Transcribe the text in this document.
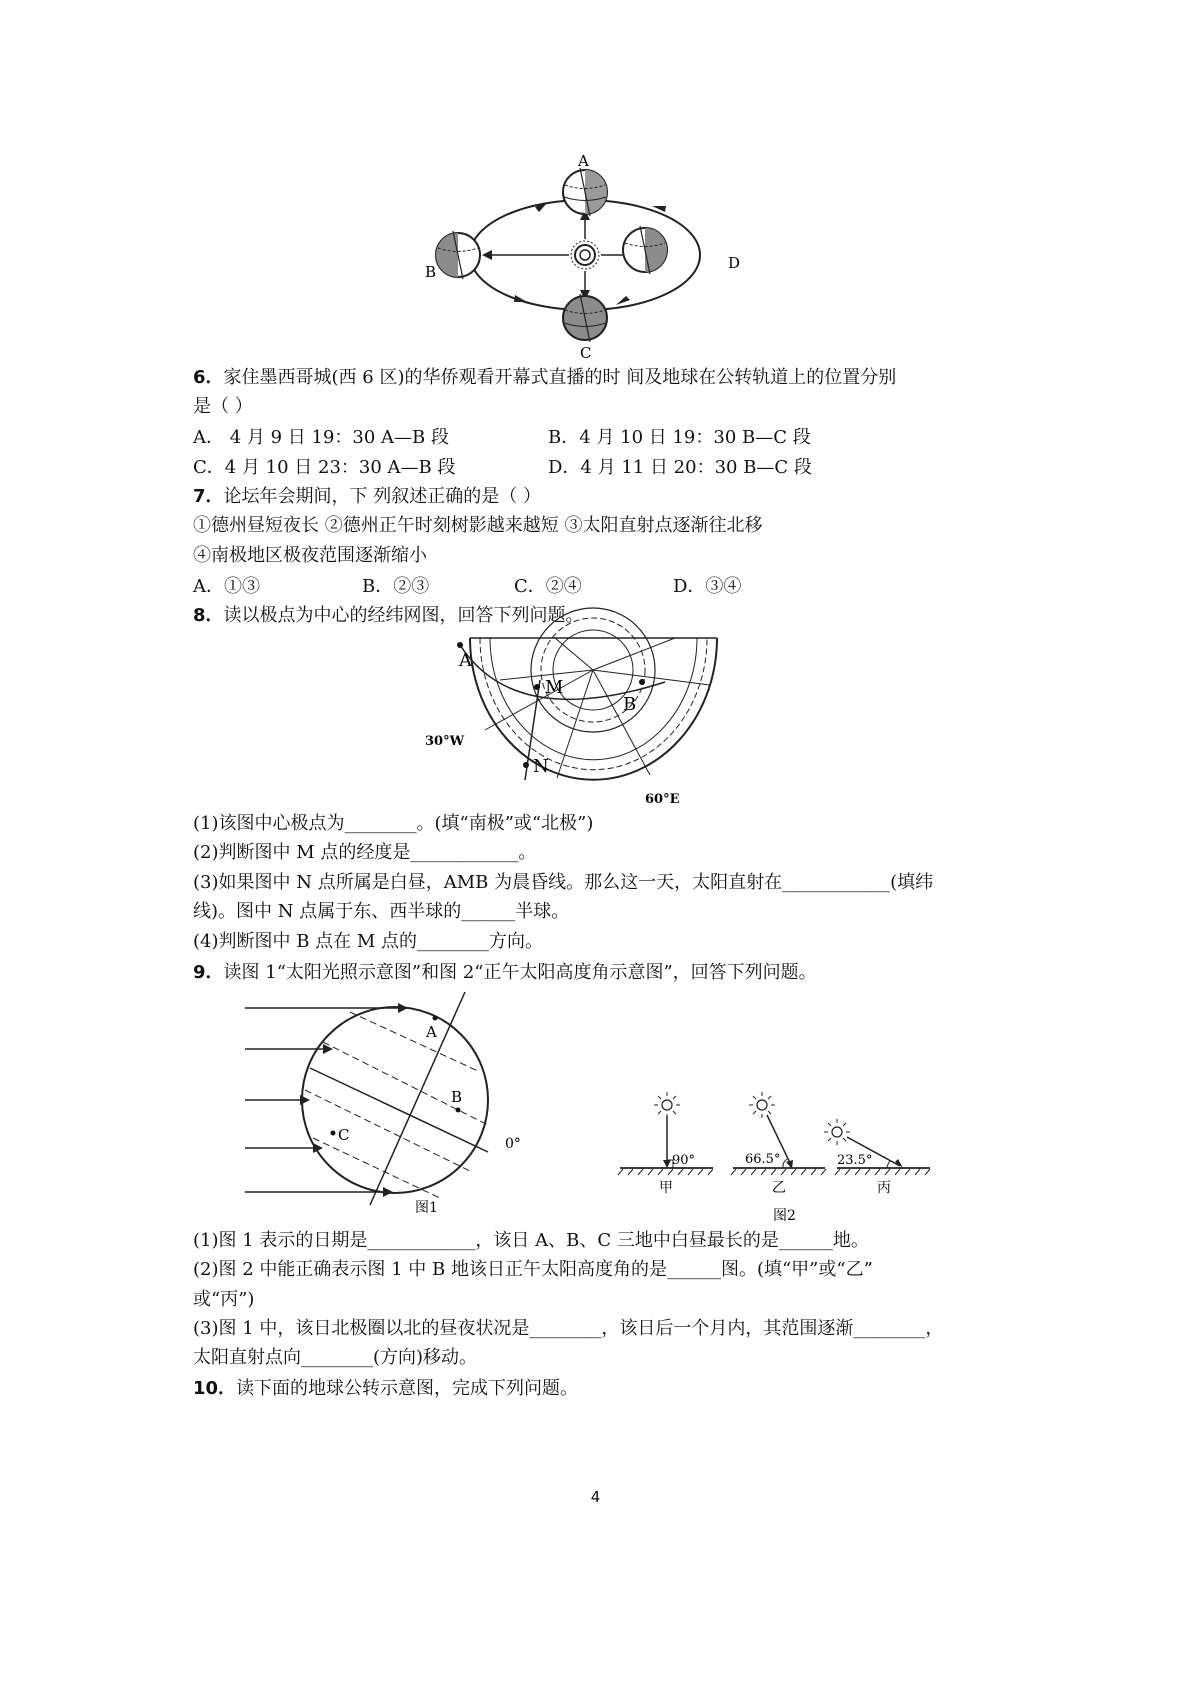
A
B
C
D
6．家住墨西哥城(西 6 区)的华侨观看开幕式直播的时 间及地球在公转轨道上的位置分别
是（ ）
A． 4 月 9 日 19：30 A—B 段	B．4 月 10 日 19：30 B—C 段
C．4 月 10 日 23：30 A—B 段	D．4 月 11 日 20：30 B—C 段
7．论坛年会期间，下 列叙述正确的是（ ）
①德州昼短夜长 ②德州正午时刻树影越来越短 ③太阳直射点逐渐往北移
④南极地区极夜范围逐渐缩小
A．①③	B．②③	C．②④	D．③④
8．读以极点为中心的经纬网图，回答下列问题。
A
M
B
N
30°W
60°E
(1)该图中心极点为________。(填“南极”或“北极”)
(2)判断图中 M 点的经度是____________。
(3)如果图中 N 点所属是白昼，AMB 为晨昏线。那么这一天，太阳直射在____________(填纬
线)。图中 N 点属于东、西半球的______半球。
(4)判断图中 B 点在 M 点的________方向。
9．读图 1“太阳光照示意图”和图 2“正午太阳高度角示意图”，回答下列问题。
A
B
C	0°
图1
90°
甲
66.5°
乙
23.5°
丙
图2
(1)图 1 表示的日期是____________，该日 A、B、C 三地中白昼最长的是______地。
(2)图 2 中能正确表示图 1 中 B 地该日正午太阳高度角的是______图。(填“甲”或“乙”
或“丙”)
(3)图 1 中，该日北极圈以北的昼夜状况是________，该日后一个月内，其范围逐渐________，
太阳直射点向________(方向)移动。
10．读下面的地球公转示意图，完成下列问题。
4
